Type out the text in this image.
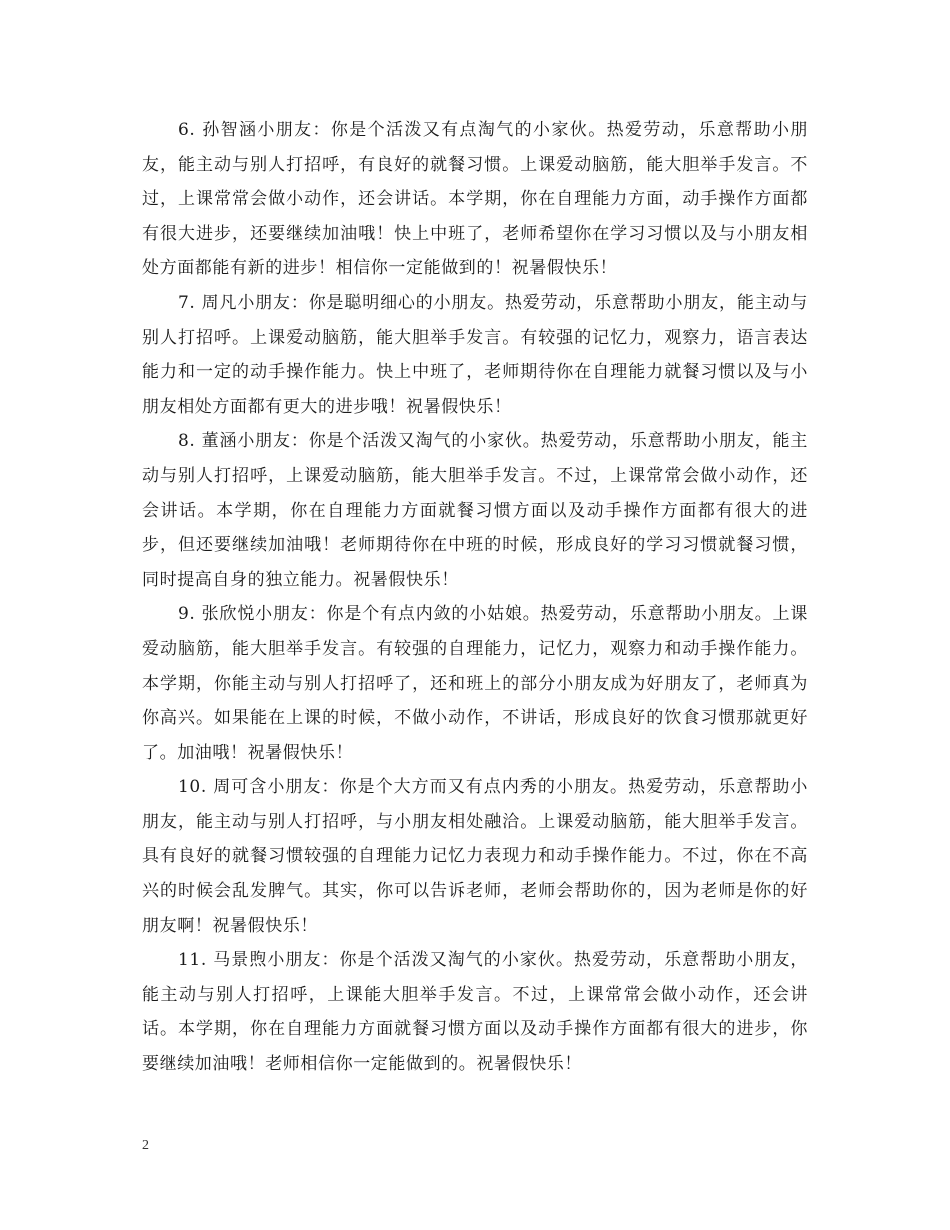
6. 孙智涵小朋友：你是个活泼又有点淘气的小家伙。热爱劳动，乐意帮助小朋友，能主动与别人打招呼，有良好的就餐习惯。上课爱动脑筋，能大胆举手发言。不过，上课常常会做小动作，还会讲话。本学期，你在自理能力方面，动手操作方面都有很大进步，还要继续加油哦！快上中班了，老师希望你在学习习惯以及与小朋友相处方面都能有新的进步！相信你一定能做到的！祝暑假快乐！

7. 周凡小朋友：你是聪明细心的小朋友。热爱劳动，乐意帮助小朋友，能主动与别人打招呼。上课爱动脑筋，能大胆举手发言。有较强的记忆力，观察力，语言表达能力和一定的动手操作能力。快上中班了，老师期待你在自理能力就餐习惯以及与小朋友相处方面都有更大的进步哦！祝暑假快乐！

8. 董涵小朋友：你是个活泼又淘气的小家伙。热爱劳动，乐意帮助小朋友，能主动与别人打招呼，上课爱动脑筋，能大胆举手发言。不过，上课常常会做小动作，还会讲话。本学期，你在自理能力方面就餐习惯方面以及动手操作方面都有很大的进步，但还要继续加油哦！老师期待你在中班的时候，形成良好的学习习惯就餐习惯，同时提高自身的独立能力。祝暑假快乐！

9. 张欣悦小朋友：你是个有点内敛的小姑娘。热爱劳动，乐意帮助小朋友。上课爱动脑筋，能大胆举手发言。有较强的自理能力，记忆力，观察力和动手操作能力。本学期，你能主动与别人打招呼了，还和班上的部分小朋友成为好朋友了，老师真为你高兴。如果能在上课的时候，不做小动作，不讲话，形成良好的饮食习惯那就更好了。加油哦！祝暑假快乐！

10. 周可含小朋友：你是个大方而又有点内秀的小朋友。热爱劳动，乐意帮助小朋友，能主动与别人打招呼，与小朋友相处融洽。上课爱动脑筋，能大胆举手发言。具有良好的就餐习惯较强的自理能力记忆力表现力和动手操作能力。不过，你在不高兴的时候会乱发脾气。其实，你可以告诉老师，老师会帮助你的，因为老师是你的好朋友啊！祝暑假快乐！

11. 马景煦小朋友：你是个活泼又淘气的小家伙。热爱劳动，乐意帮助小朋友，能主动与别人打招呼，上课能大胆举手发言。不过，上课常常会做小动作，还会讲话。本学期，你在自理能力方面就餐习惯方面以及动手操作方面都有很大的进步，你要继续加油哦！老师相信你一定能做到的。祝暑假快乐！

2
